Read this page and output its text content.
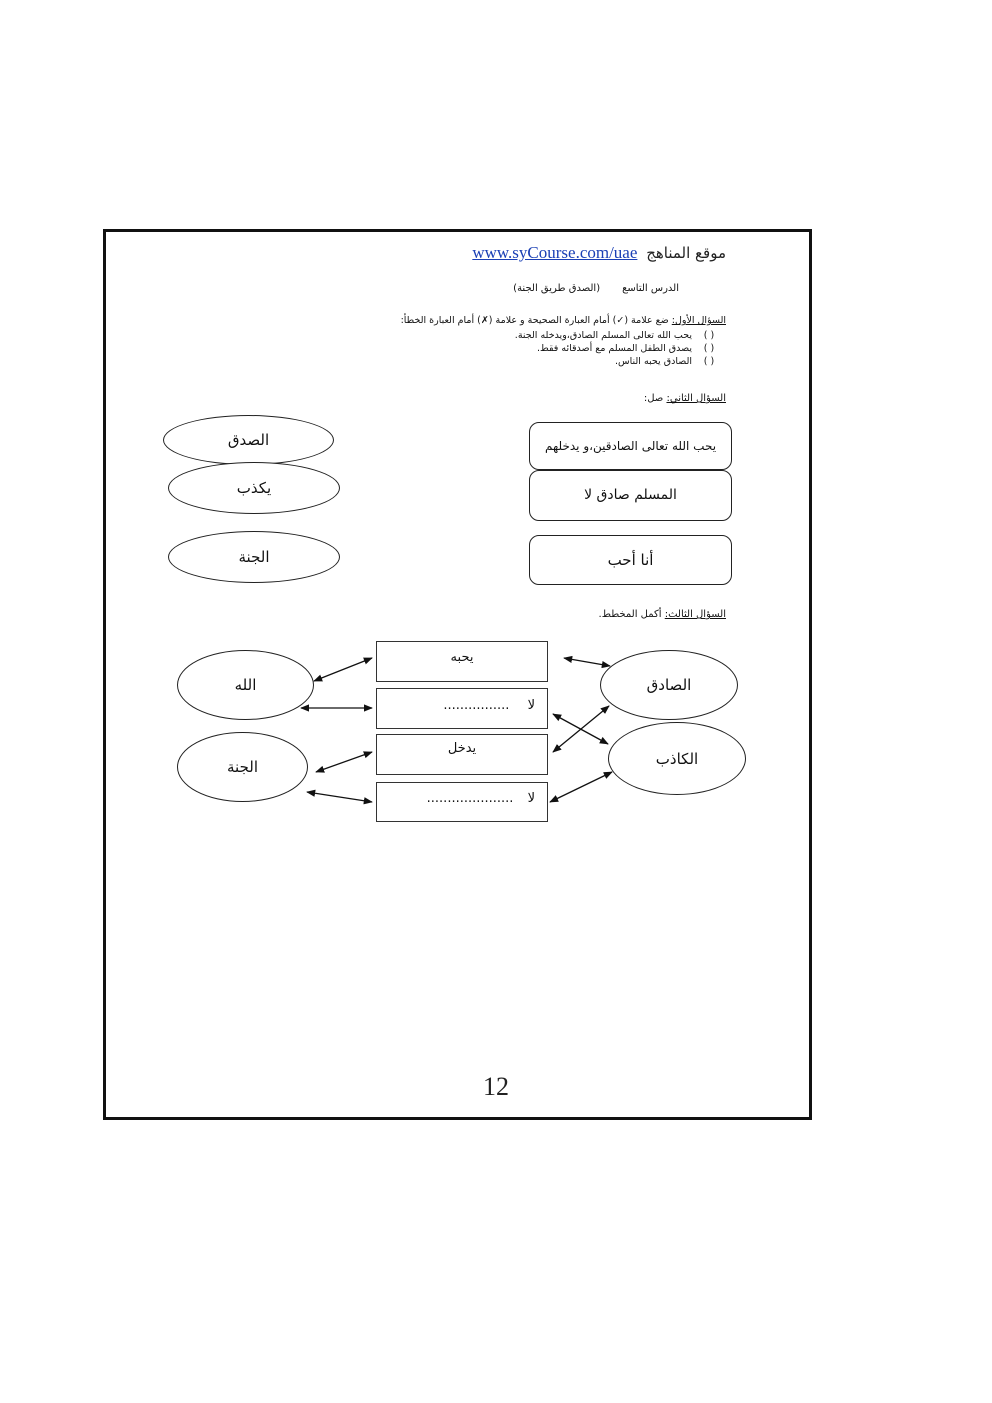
موقع المناهج www.syCourse.com/uae
الدرس التاسع(الصدق طريق الجنة)
السؤال الأول: ضع علامة (✓) أمام العبارة الصحيحة و علامة (✗) أمام العبارة الخطأ:
( )يحب الله تعالى المسلم الصادق،ويدخله الجنة.
( )يصدق الطفل المسلم مع أصدقائه فقط.
( )الصادق يحبه الناس.
السؤال الثاني: صل:
الصدق
يكذب
الجنة
يحب الله تعالى الصادقين،و يدخلهم
المسلم صادق لا
أنا أحب
السؤال الثالث: أكمل المخطط.
الله
الجنة
الصادق
الكاذب
يحبه
لا ................
يدخل
لا .....................
12
